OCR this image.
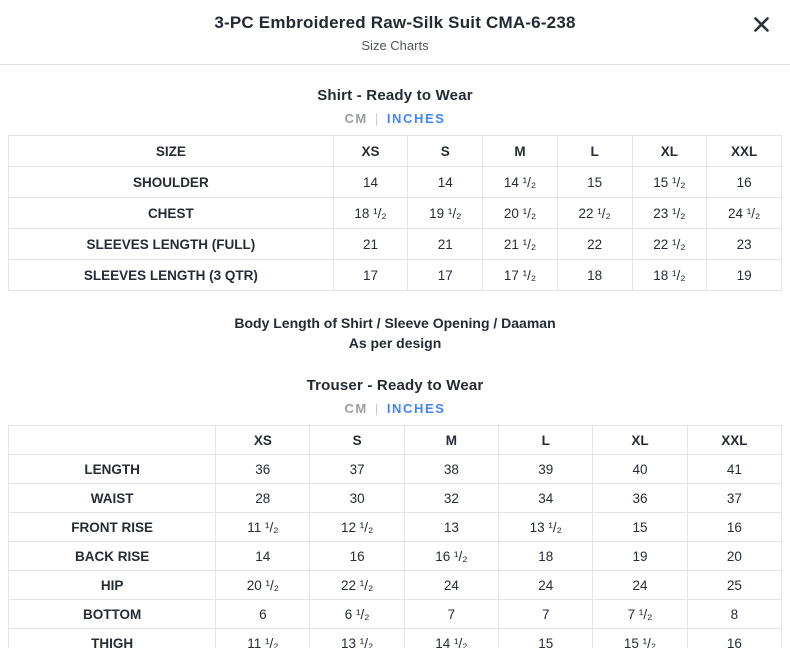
3-PC Embroidered Raw-Silk Suit CMA-6-238
Size Charts
Shirt - Ready to Wear
CM | INCHES
SIZE	XS	S	M	L	XL	XXL
SHOULDER	14	14	14 ¹/₂	15	15 ¹/₂	16
CHEST	18 ¹/₂	19 ¹/₂	20 ¹/₂	22 ¹/₂	23 ¹/₂	24 ¹/₂
SLEEVES LENGTH (FULL)	21	21	21 ¹/₂	22	22 ¹/₂	23
SLEEVES LENGTH (3 QTR)	17	17	17 ¹/₂	18	18 ¹/₂	19
Body Length of Shirt / Sleeve Opening / Daaman
As per design
Trouser - Ready to Wear
CM | INCHES
	XS	S	M	L	XL	XXL
LENGTH	36	37	38	39	40	41
WAIST	28	30	32	34	36	37
FRONT RISE	11 ¹/₂	12 ¹/₂	13	13 ¹/₂	15	16
BACK RISE	14	16	16 ¹/₂	18	19	20
HIP	20 ¹/₂	22 ¹/₂	24	24	24	25
BOTTOM	6	6 ¹/₂	7	7	7 ¹/₂	8
THIGH	11 ¹/₂	13 ¹/₂	14 ¹/₂	15	15 ¹/₂	16
